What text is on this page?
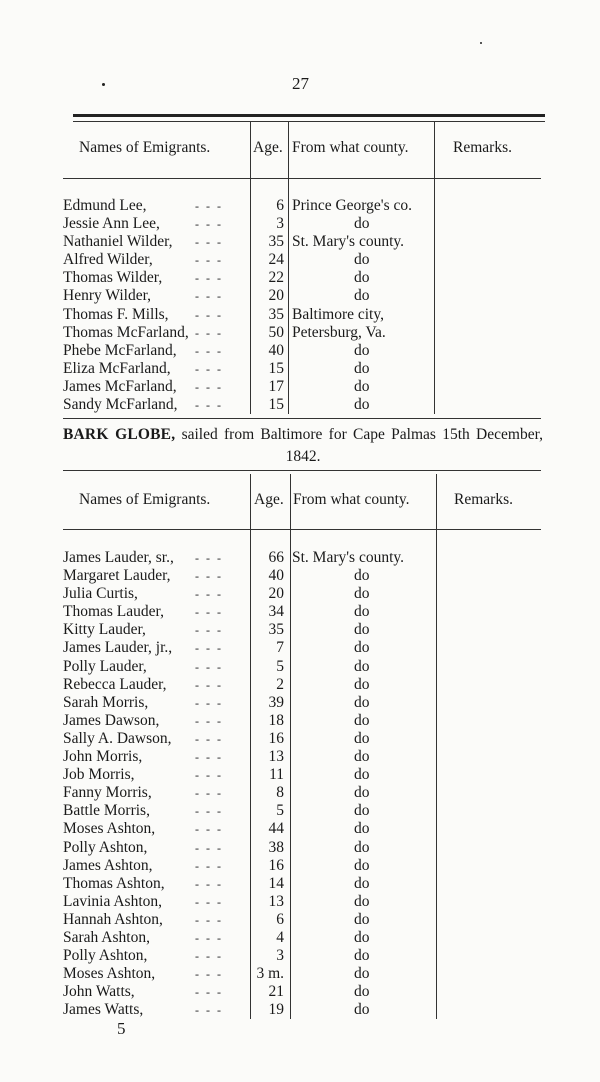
27
Names of Emigrants.	Age. From what county.	Remarks.
Edmund Lee,	- - -	6 Prince George's co.
Jessie Ann Lee,	- - -	3	do
Nathaniel Wilder, - - -	35 St. Mary's county.
Alfred Wilder,	- - -	24	do
Thomas Wilder,	- - -	22	do
Henry Wilder,	- - -	20	do
Thomas F. Mills, - - -	35 Baltimore city,
Thomas McFarland, - - -	50 Petersburg, Va.
Phebe McFarland, - - -	40	do
Eliza McFarland, - - -	15	do
James McFarland, - - -	17	do
Sandy McFarland, - - -	15	do
BARK GLOBE, sailed from Baltimore for Cape Palmas 15th December, 1842.
Names of Emigrants.	Age. From what county.	Remarks.
James Lauder, sr., - - -	66 St. Mary's county.
Margaret Lauder, - - -	40	do
Julia Curtis,	- - -	20	do
Thomas Lauder,	- - -	34	do
Kitty Lauder,	- - -	35	do
James Lauder, jr., - - -	7	do
Polly Lauder,	- - -	5	do
Rebecca Lauder, - - -	2	do
Sarah Morris,	- - -	39	do
James Dawson,	- - -	18	do
Sally A. Dawson, - - -	16	do
John Morris,	- - -	13	do
Job Morris,	- - -	11	do
Fanny Morris,	- - -	8	do
Battle Morris,	- - -	5	do
Moses Ashton,	- - -	44	do
Polly Ashton,	- - -	38	do
James Ashton,	- - -	16	do
Thomas Ashton,	- - -	14	do
Lavinia Ashton,	- - -	13	do
Hannah Ashton,	- - -	6	do
Sarah Ashton,	- - -	4	do
Polly Ashton,	- - -	3	do
Moses Ashton,	- - -	3 m.	do
John Watts,	- - -	21	do
James Watts,	- - -	19	do
5
